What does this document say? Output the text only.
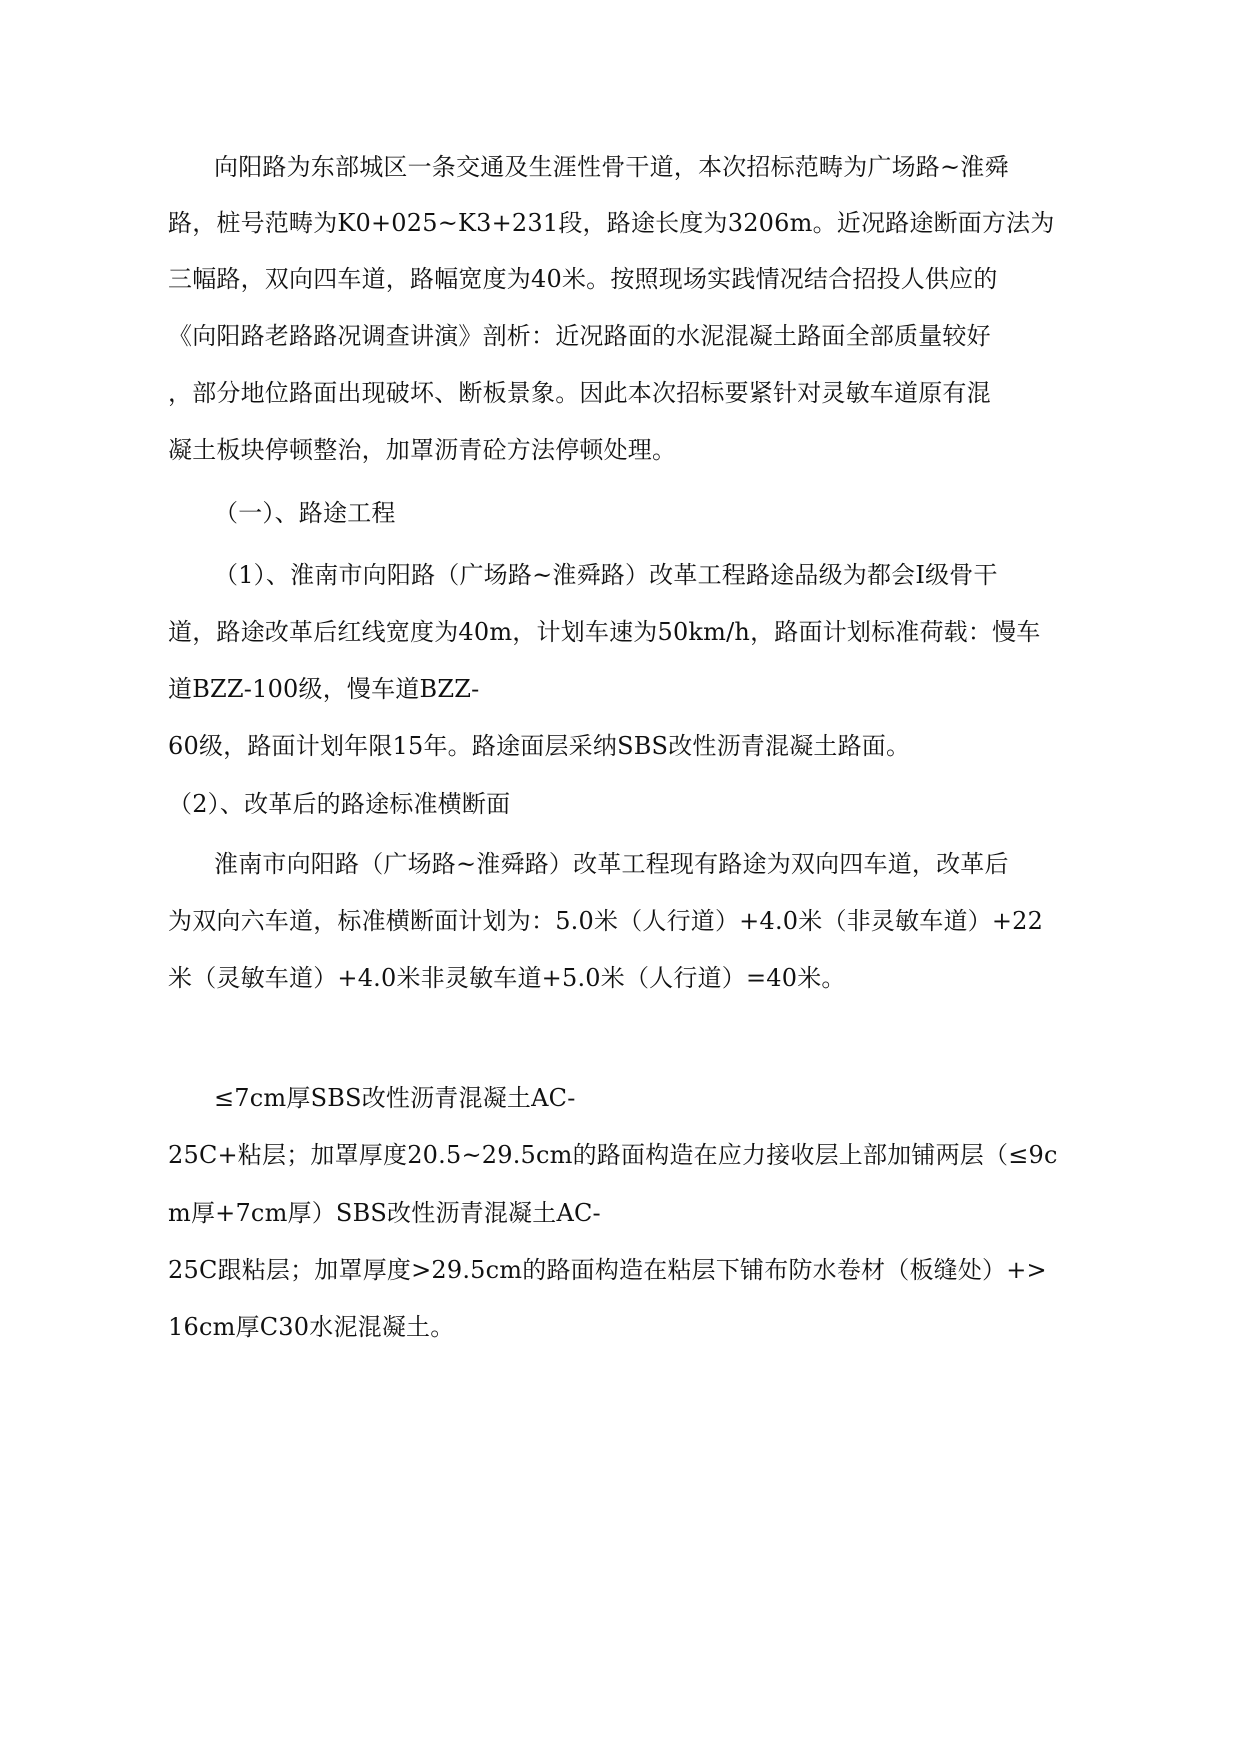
向阳路为东部城区一条交通及生涯性骨干道，本次招标范畴为广场路~淮舜
路，桩号范畴为K0+025~K3+231段，路途长度为3206m。近况路途断面方法为
三幅路，双向四车道，路幅宽度为40米。按照现场实践情况结合招投人供应的
《向阳路老路路况调查讲演》剖析：近况路面的水泥混凝土路面全部质量较好
，部分地位路面出现破坏、断板景象。因此本次招标要紧针对灵敏车道原有混
凝土板块停顿整治，加罩沥青砼方法停顿处理。
（一）、路途工程
（1）、淮南市向阳路（广场路~淮舜路）改革工程路途品级为都会Ⅰ级骨干
道，路途改革后红线宽度为40m，计划车速为50km/h，路面计划标准荷载：慢车
道BZZ-100级，慢车道BZZ-
60级，路面计划年限15年。路途面层采纳SBS改性沥青混凝土路面。
（2）、改革后的路途标准横断面
淮南市向阳路（广场路~淮舜路）改革工程现有路途为双向四车道，改革后
为双向六车道，标准横断面计划为：5.0米（人行道）+4.0米（非灵敏车道）+22
米（灵敏车道）+4.0米非灵敏车道+5.0米（人行道）=40米。
≤7cm厚SBS改性沥青混凝土AC-
25C+粘层；加罩厚度20.5~29.5cm的路面构造在应力接收层上部加铺两层（≤9c
m厚+7cm厚）SBS改性沥青混凝土AC-
25C跟粘层；加罩厚度>29.5cm的路面构造在粘层下铺布防水卷材（板缝处）+>
16cm厚C30水泥混凝土。
